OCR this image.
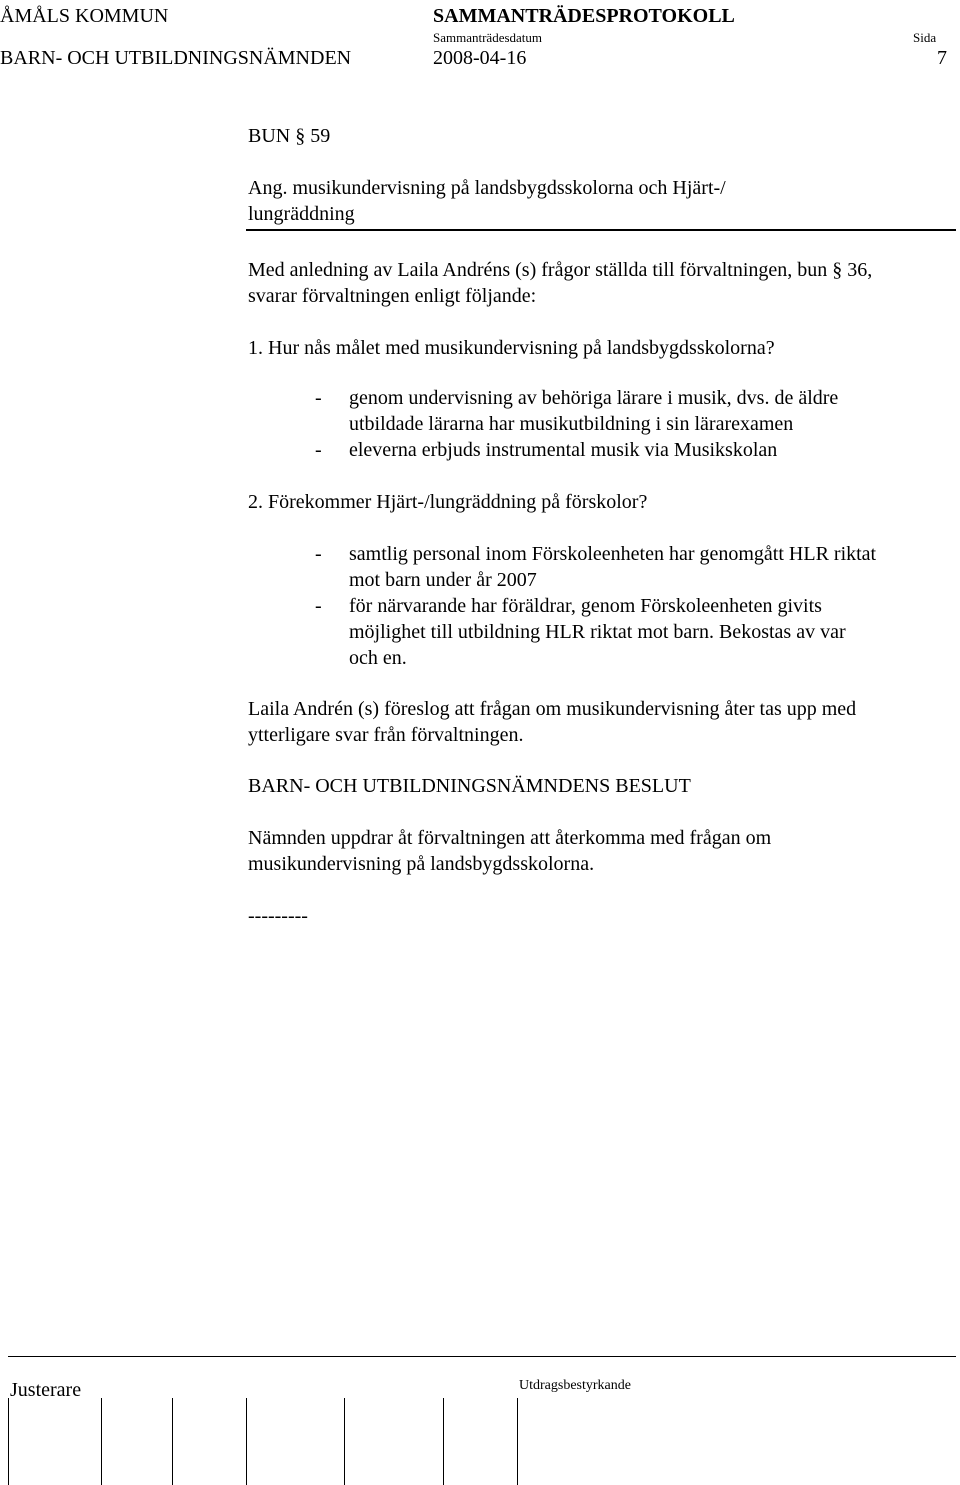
ÅMÅLS KOMMUN	SAMMANTRÄDESPROTOKOLL
Sammanträdesdatum	Sida
BARN- OCH UTBILDNINGSNÄMNDEN	2008-04-16	7
BUN § 59
Ang. musikundervisning på landsbygdsskolorna och Hjärt-/
lungräddning
Med anledning av Laila Andréns (s) frågor ställda till förvaltningen, bun § 36,
svarar förvaltningen enligt följande:
1. Hur nås målet med musikundervisning på landsbygdsskolorna?
- genom undervisning av behöriga lärare i musik, dvs. de äldre
utbildade lärarna har musikutbildning i sin lärarexamen
- eleverna erbjuds instrumental musik via Musikskolan
2. Förekommer Hjärt-/lungräddning på förskolor?
- samtlig personal inom Förskoleenheten har genomgått HLR riktat
mot barn under år 2007
- för närvarande har föräldrar, genom Förskoleenheten givits
möjlighet till utbildning HLR riktat mot barn. Bekostas av var
och en.
Laila Andrén (s) föreslog att frågan om musikundervisning åter tas upp med
ytterligare svar från förvaltningen.
BARN- OCH UTBILDNINGSNÄMNDENS BESLUT
Nämnden uppdrar åt förvaltningen att återkomma med frågan om
musikundervisning på landsbygdsskolorna.
---------
Justerare	Utdragsbestyrkande
